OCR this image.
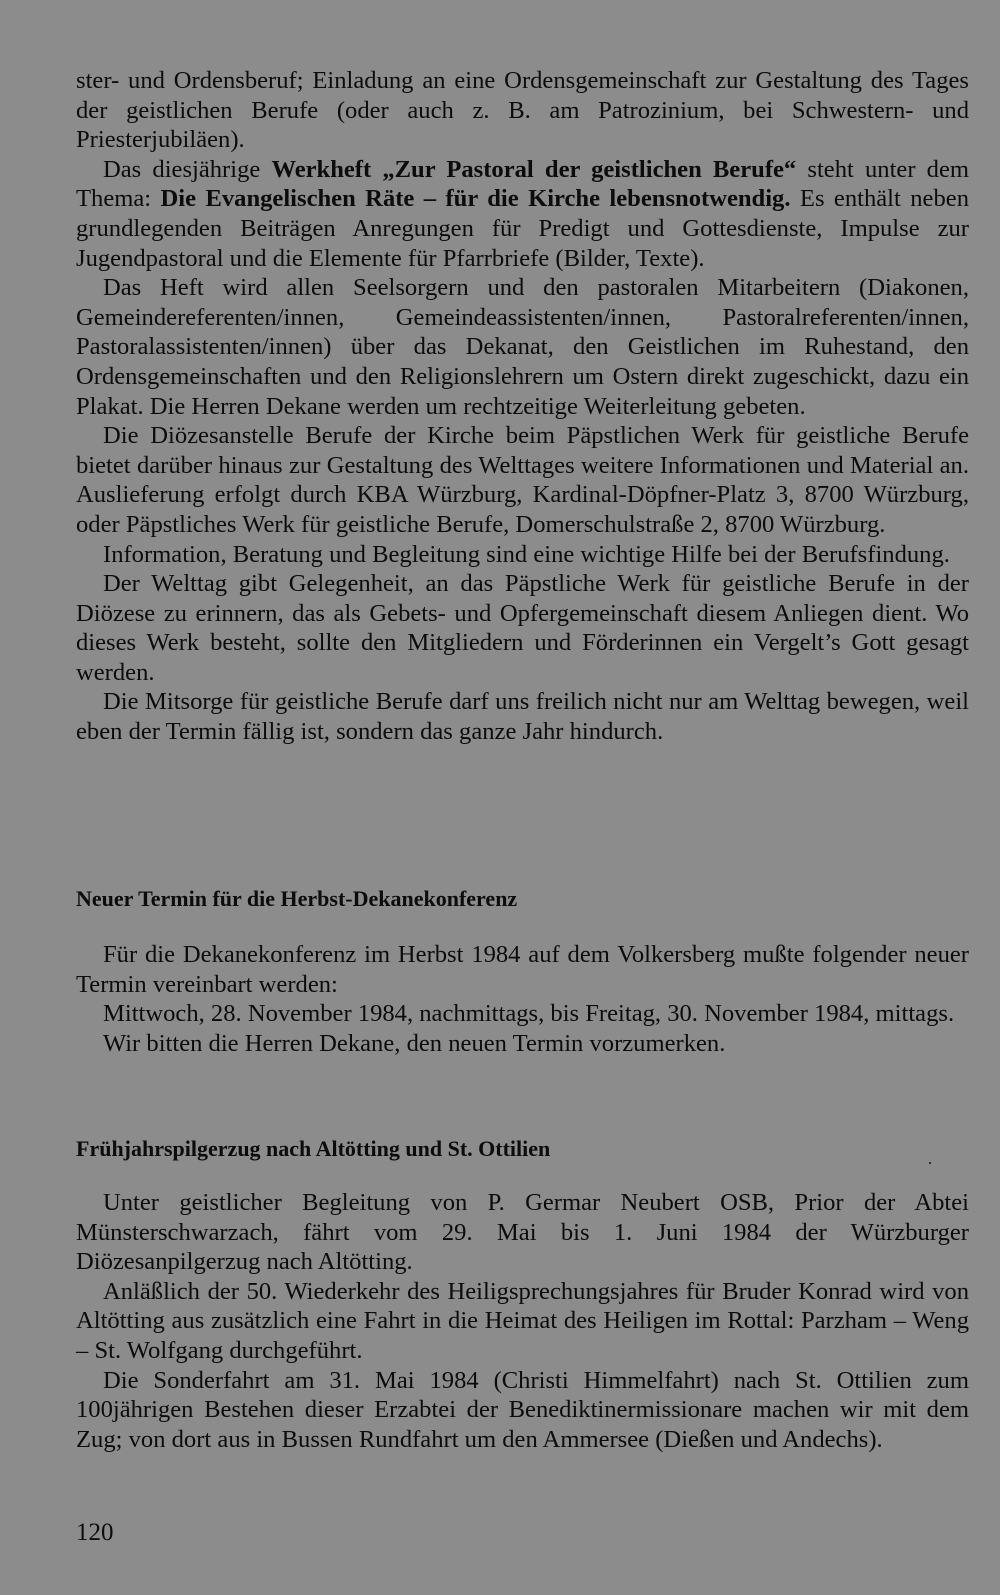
ster- und Ordensberuf; Einladung an eine Ordensgemeinschaft zur Gestaltung des Tages der geistlichen Berufe (oder auch z. B. am Patrozinium, bei Schwestern- und Priesterjubiläen).

Das diesjährige Werkheft „Zur Pastoral der geistlichen Berufe“ steht unter dem Thema: Die Evangelischen Räte – für die Kirche lebensnotwendig. Es enthält neben grundlegenden Beiträgen Anregungen für Predigt und Gottesdienste, Impulse zur Jugendpastoral und die Elemente für Pfarrbriefe (Bilder, Texte).

Das Heft wird allen Seelsorgern und den pastoralen Mitarbeitern (Diakonen, Gemeindereferenten/innen, Gemeindeassistenten/innen, Pastoralreferenten/innen, Pastoralassistenten/innen) über das Dekanat, den Geistlichen im Ruhestand, den Ordensgemeinschaften und den Religionslehrern um Ostern direkt zugeschickt, dazu ein Plakat. Die Herren Dekane werden um rechtzeitige Weiterleitung gebeten.

Die Diözesanstelle Berufe der Kirche beim Päpstlichen Werk für geistliche Berufe bietet darüber hinaus zur Gestaltung des Welttages weitere Informationen und Material an. Auslieferung erfolgt durch KBA Würzburg, Kardinal-Döpfner-Platz 3, 8700 Würzburg, oder Päpstliches Werk für geistliche Berufe, Domerschulstraße 2, 8700 Würzburg.

Information, Beratung und Begleitung sind eine wichtige Hilfe bei der Berufsfindung.

Der Welttag gibt Gelegenheit, an das Päpstliche Werk für geistliche Berufe in der Diözese zu erinnern, das als Gebets- und Opfergemeinschaft diesem Anliegen dient. Wo dieses Werk besteht, sollte den Mitgliedern und Förderinnen ein Vergelt’s Gott gesagt werden.

Die Mitsorge für geistliche Berufe darf uns freilich nicht nur am Welttag bewegen, weil eben der Termin fällig ist, sondern das ganze Jahr hindurch.

Neuer Termin für die Herbst-Dekanekonferenz

Für die Dekanekonferenz im Herbst 1984 auf dem Volkersberg mußte folgender neuer Termin vereinbart werden:

Mittwoch, 28. November 1984, nachmittags, bis Freitag, 30. November 1984, mittags.

Wir bitten die Herren Dekane, den neuen Termin vorzumerken.

Frühjahrspilgerzug nach Altötting und St. Ottilien

Unter geistlicher Begleitung von P. Germar Neubert OSB, Prior der Abtei Münsterschwarzach, fährt vom 29. Mai bis 1. Juni 1984 der Würzburger Diözesanpilgerzug nach Altötting.

Anläßlich der 50. Wiederkehr des Heiligsprechungsjahres für Bruder Konrad wird von Altötting aus zusätzlich eine Fahrt in die Heimat des Heiligen im Rottal: Parzham – Weng – St. Wolfgang durchgeführt.

Die Sonderfahrt am 31. Mai 1984 (Christi Himmelfahrt) nach St. Ottilien zum 100jährigen Bestehen dieser Erzabtei der Benediktinermissionare machen wir mit dem Zug; von dort aus in Bussen Rundfahrt um den Ammersee (Dießen und Andechs).

120
